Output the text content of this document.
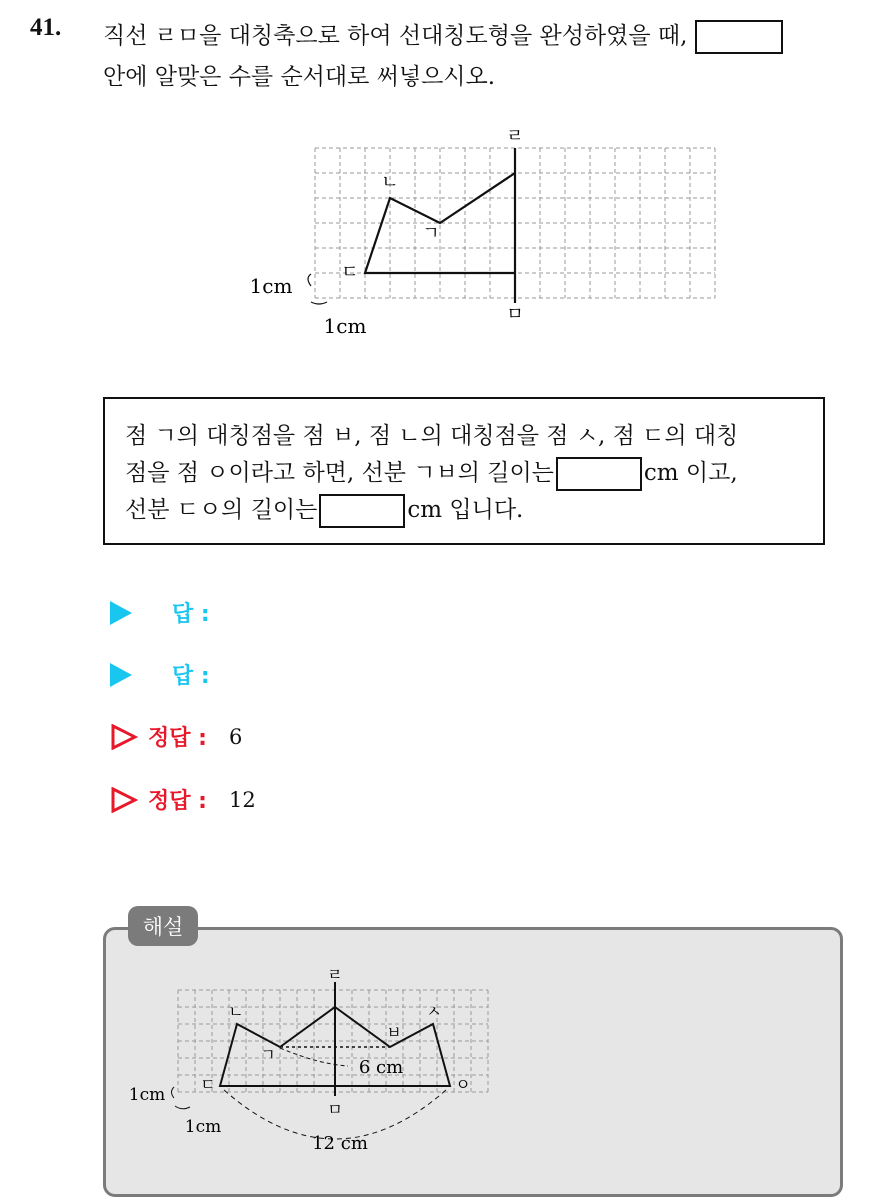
41. 직선 ㄹㅁ을 대칭축으로 하여 선대칭도형을 완성하였을 때,
안에 알맞은 수를 순서대로 써넣으시오.
ㄹ
ㅁ
ㄴ
ㄱ
ㄷ
1cm
1cm
점 ㄱ의 대칭점을 점 ㅂ, 점 ㄴ의 대칭점을 점 ㅅ, 점 ㄷ의 대칭
점을 점 ㅇ이라고 하면, 선분 ㄱㅂ의 길이는	cm 이고,
선분 ㄷㅇ의 길이는	cm 입니다.
답 :
답 :
정답 : 6
정답 : 12
해설
ㄹ
ㅁ
ㄴ
ㄱ
ㄷ
ㅂ
ㅅ
ㅇ
6 cm
12 cm
1cm
1cm
